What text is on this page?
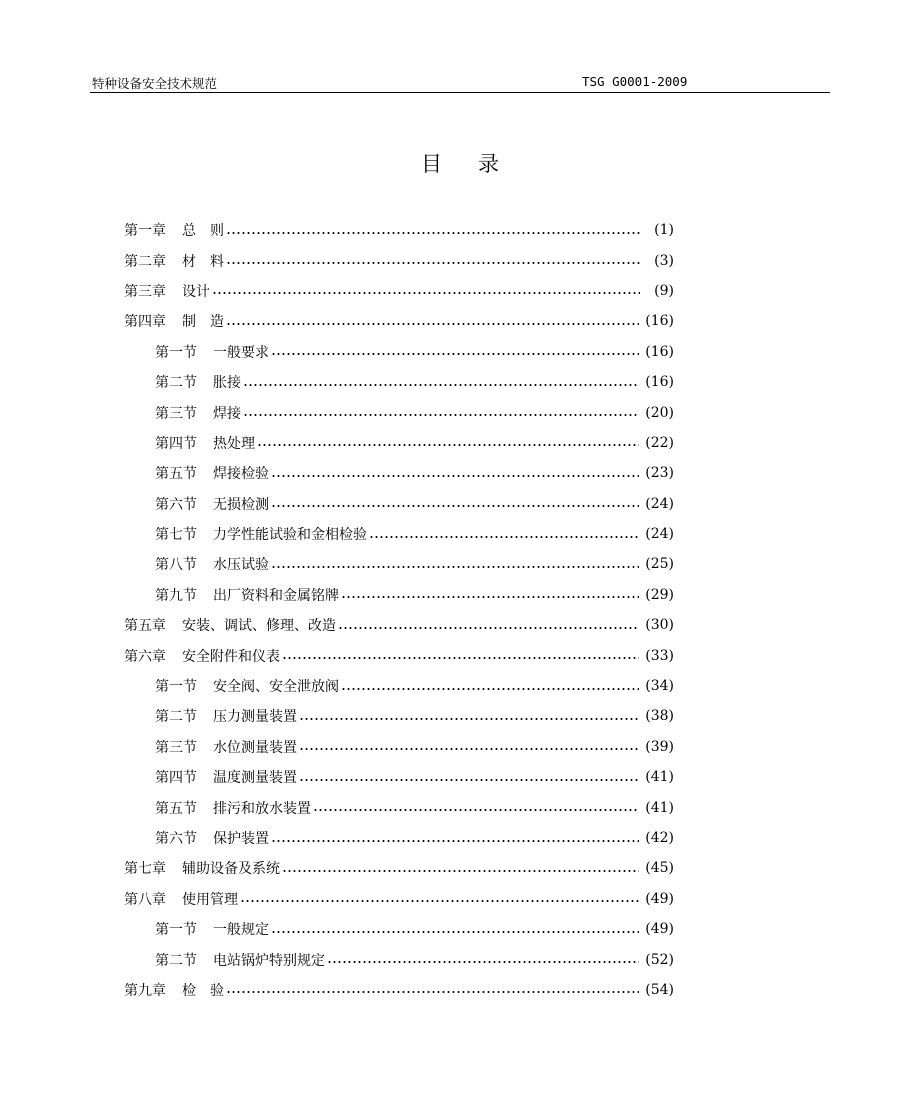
特种设备安全技术规范	TSG G0001-2009
目录
第一章 总　则	(1)
第二章 材　料	(3)
第三章 设计	(9)
第四章 制　造	(16)
第一节 一般要求	(16)
第二节 胀接	(16)
第三节 焊接	(20)
第四节 热处理	(22)
第五节 焊接检验	(23)
第六节 无损检测	(24)
第七节 力学性能试验和金相检验	(24)
第八节 水压试验	(25)
第九节 出厂资料和金属铭牌	(29)
第五章 安装、调试、修理、改造	(30)
第六章 安全附件和仪表	(33)
第一节 安全阀、安全泄放阀	(34)
第二节 压力测量装置	(38)
第三节 水位测量装置	(39)
第四节 温度测量装置	(41)
第五节 排污和放水装置	(41)
第六节 保护装置	(42)
第七章 辅助设备及系统	(45)
第八章 使用管理	(49)
第一节 一般规定	(49)
第二节 电站锅炉特别规定	(52)
第九章 检　验	(54)
